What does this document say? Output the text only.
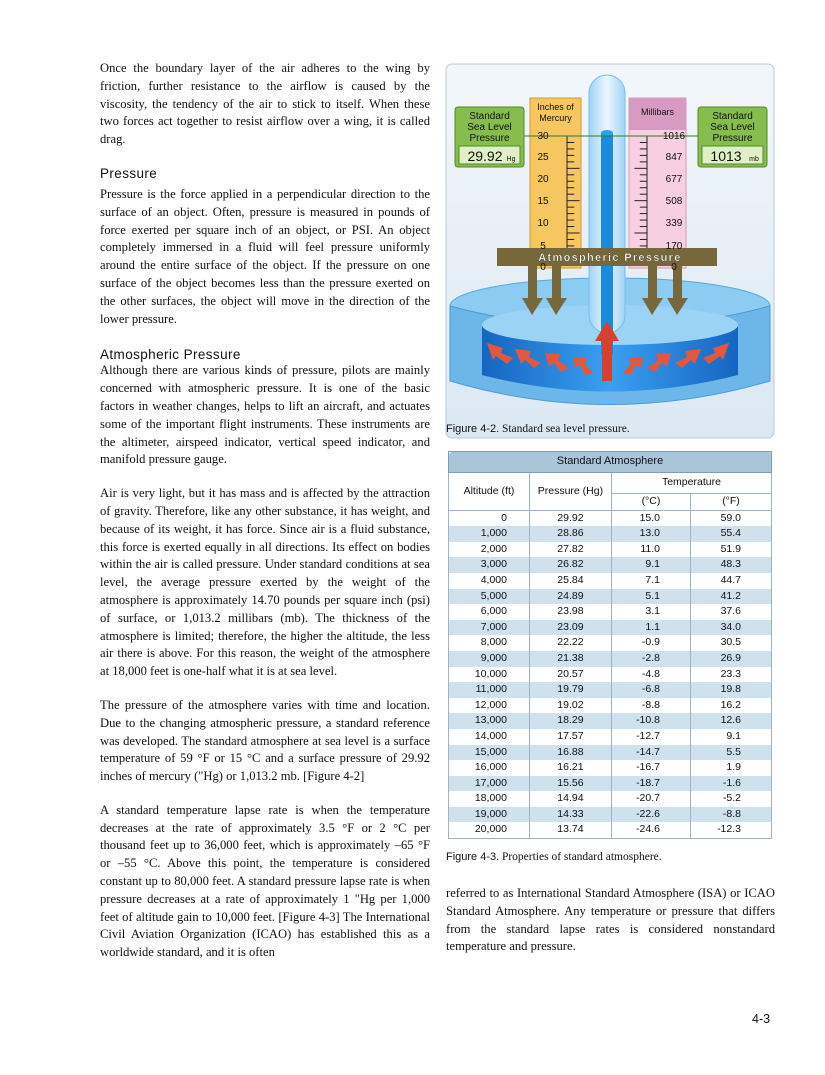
Once the boundary layer of the air adheres to the wing by friction, further resistance to the airflow is caused by the viscosity, the tendency of the air to stick to itself. When these two forces act together to resist airflow over a wing, it is called drag.

Pressure

Pressure is the force applied in a perpendicular direction to the surface of an object. Often, pressure is measured in pounds of force exerted per square inch of an object, or PSI. An object completely immersed in a fluid will feel pressure uniformly around the entire surface of the object. If the pressure on one surface of the object becomes less than the pressure exerted on the other surfaces, the object will move in the direction of the lower pressure.

Atmospheric Pressure

Although there are various kinds of pressure, pilots are mainly concerned with atmospheric pressure. It is one of the basic factors in weather changes, helps to lift an aircraft, and actuates some of the important flight instruments. These instruments are the altimeter, airspeed indicator, vertical speed indicator, and manifold pressure gauge.

Air is very light, but it has mass and is affected by the attraction of gravity. Therefore, like any other substance, it has weight, and because of its weight, it has force. Since air is a fluid substance, this force is exerted equally in all directions. Its effect on bodies within the air is called pressure. Under standard conditions at sea level, the average pressure exerted by the weight of the atmosphere is approximately 14.70 pounds per square inch (psi) of surface, or 1,013.2 millibars (mb). The thickness of the atmosphere is limited; therefore, the higher the altitude, the less air there is above. For this reason, the weight of the atmosphere at 18,000 feet is one-half what it is at sea level.

The pressure of the atmosphere varies with time and location. Due to the changing atmospheric pressure, a standard reference was developed. The standard atmosphere at sea level is a surface temperature of 59 °F or 15 °C and a surface pressure of 29.92 inches of mercury ("Hg) or 1,013.2 mb. [Figure 4-2]

A standard temperature lapse rate is when the temperature decreases at the rate of approximately 3.5 °F or 2 °C per thousand feet up to 36,000 feet, which is approximately –65 °F or –55 °C. Above this point, the temperature is considered constant up to 80,000 feet. A standard pressure lapse rate is when pressure decreases at a rate of approximately 1 "Hg per 1,000 feet of altitude gain to 10,000 feet. [Figure 4-3] The International Civil Aviation Organization (ICAO) has established this as a worldwide standard, and it is often

Standard
Sea Level
Pressure
29.92 Hg
Standard
Sea Level
Pressure
1013 mb
Inches of
Mercury
Millibars
Atmospheric Pressure
30
25
20
15
10
5
0
1016
847
677
508
339
170
0
Figure 4-2. Standard sea level pressure.
Standard Atmosphere			
Altitude (ft)	Pressure (Hg)	Temperature	
		(°C)	(°F)
0	29.92	15.0	59.0
1,000	28.86	13.0	55.4
2,000	27.82	11.0	51.9
3,000	26.82	9.1	48.3
4,000	25.84	7.1	44.7
5,000	24.89	5.1	41.2
6,000	23.98	3.1	37.6
7,000	23.09	1.1	34.0
8,000	22.22	-0.9	30.5
9,000	21.38	-2.8	26.9
10,000	20.57	-4.8	23.3
11,000	19.79	-6.8	19.8
12,000	19.02	-8.8	16.2
13,000	18.29	-10.8	12.6
14,000	17.57	-12.7	9.1
15,000	16.88	-14.7	5.5
16,000	16.21	-16.7	1.9
17,000	15.56	-18.7	-1.6
18,000	14.94	-20.7	-5.2
19,000	14.33	-22.6	-8.8
20,000	13.74	-24.6	-12.3
Figure 4-3. Properties of standard atmosphere.

referred to as International Standard Atmosphere (ISA) or ICAO Standard Atmosphere. Any temperature or pressure that differs from the standard lapse rates is considered nonstandard temperature and pressure.

4-3
